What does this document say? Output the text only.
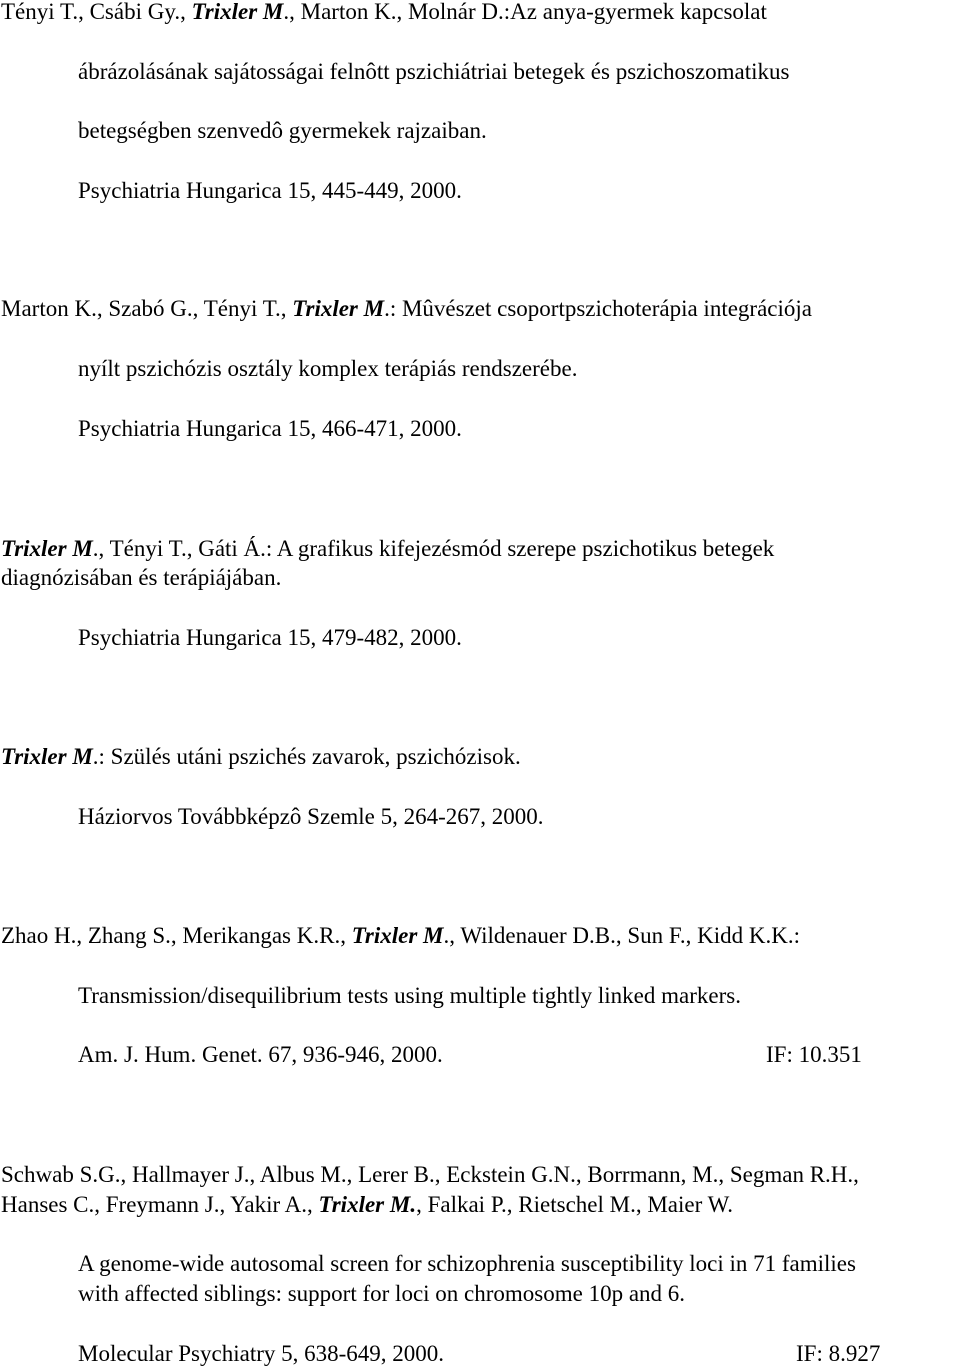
Tényi T., Csábi Gy., Trixler M., Marton K., Molnár D.:Az anya-gyermek kapcsolat
ábrázolásának sajátosságai felnôtt pszichiátriai betegek és pszichoszomatikus
betegségben szenvedô gyermekek rajzaiban.
Psychiatria Hungarica 15, 445-449, 2000.
Marton K., Szabó G., Tényi T., Trixler M.: Mûvészet csoportpszichoterápia integrációja
nyílt pszichózis osztály komplex terápiás rendszerébe.
Psychiatria Hungarica 15, 466-471, 2000.
Trixler M., Tényi T., Gáti Á.: A grafikus kifejezésmód szerepe pszichotikus betegek
diagnózisában és terápiájában.
Psychiatria Hungarica 15, 479-482, 2000.
Trixler M.: Szülés utáni pszichés zavarok, pszichózisok.
Háziorvos Továbbképzô Szemle 5, 264-267, 2000.
Zhao H., Zhang S., Merikangas K.R., Trixler M., Wildenauer D.B., Sun F., Kidd K.K.:
Transmission/disequilibrium tests using multiple tightly linked markers.
Am. J. Hum. Genet. 67, 936-946, 2000.	IF: 10.351
Schwab S.G., Hallmayer J., Albus M., Lerer B., Eckstein G.N., Borrmann, M., Segman R.H.,
Hanses C., Freymann J., Yakir A., Trixler M., Falkai P., Rietschel M., Maier W.
A genome-wide autosomal screen for schizophrenia susceptibility loci in 71 families
with affected siblings: support for loci on chromosome 10p and 6.
Molecular Psychiatry 5, 638-649, 2000.	IF: 8.927
